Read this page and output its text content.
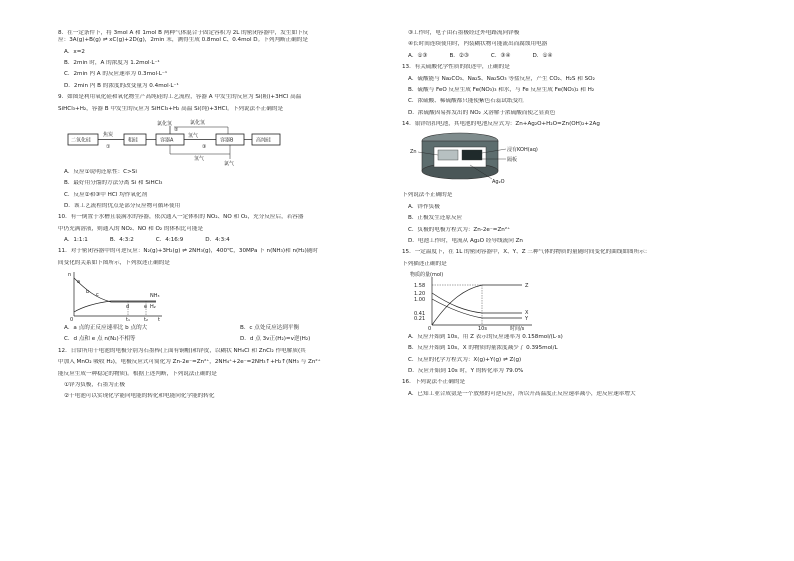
8．在一定条件下，将 3mol A 和 1mol B 两种气体混合于固定容积为 2L 的密闭容器中，发生如下反

应：3A(g)+B(g) ⇌ xC(g)+2D(g)，2min 末，测得生成 0.8mol C、0.4mol D。下列判断正确的是

A．x=2

B．2min 时，A 的浓度为 1.2mol·L⁻¹

C．2min 内 A 的反应速率为 0.3mol·L⁻¹

D．2min 内 B 的浓度的改变量为 0.4mol·L⁻¹

9．如图是利用氧化硅和氧化物生产高纯硅的工艺流程，容器 A 中发生的反应为 Si(粗)+3HCl 高温

SiHCl₃+H₂，容器 B 中发生的反应为 SiHCl₃+H₂ 高温 Si(纯)+3HCl。下列说法不正确的是

二氧化硅
焦炭
①
粗硅	容器A
氯化氢
②
氯化氢
氢气
③
容器B
氢气
氯气
高纯硅

A．反应①说明还原性：C>Si

B．最好用分馏的方法分离 Si 和 SiHCl₃

C．反应②和③中 HCl 均作氧化剂

D．该工艺流程的优点是部分反应物可循环使用

10．有一倒置于水槽且装满水的容器，依次通入一定体积的 NO₂、NO 和 O₂，充分反应后，若容器

中仍充满溶液，则通入的 NO₂、NO 和 O₂ 的体积比可能是

A．1:1:1	B．4:3:2	C．4:16:9	D．4:3:4

11．对于密闭容器中的可逆反应：N₂(g)+3H₂(g) ⇌ 2NH₃(g)，400℃，30MPa 下 n(NH₃)和 n(H₂)随时

间变化的关系如下图所示，下列叙述正确的是

n
0
a
b c
d	e
NH₃
H₂
t₁	t₂ t
A．a 点的正反应速率比 b 点的大	B．c 点处反应达到平衡
C．d 点和 e 点 n(N₂)不相等	D．d 点 3v正(H₂)=v逆(H₂)

12．日常所用干电池的电极分别为石墨棒(上面有铜帽)和锌皮，以糊状 NH₄Cl 和 ZnCl₂ 作电解质(其

中加入 MnO₂ 吸收 H₂)，电极反应式可简化为 Zn-2e⁻=Zn²⁺，2NH₄⁺+2e⁻=2NH₃↑+H₂↑(NH₃ 与 Zn²⁺

能反应生成一种稳定的物质)。根据上述判断，下列说法正确的是

①锌为负极，石墨为正极

②干电池可以实现化学能向电能的转化和电能向化学能的转化

③工作时，电子由石墨极经过外电路流向锌极

④长时间连续使用时，内装糊状物可能流出而腐蚀用电器

A．①③	B．②③	C．③④	D．①④

13．有关硫酸化学性质的叙述中，正确的是

A．硫酸能与 Na₂CO₃、Na₂S、Na₂SO₃ 等盐反应，产生 CO₂、H₂S 和 SO₂

B．硫酸与 FeO 反应生成 Fe(NO₃)₃ 和水，与 Fe 反应生成 Fe(NO₃)₂ 和 H₂

C．浓硫酸、稀硫酸都只能使紫色石蕊试纸变红

D．浓硫酸因易挥发出的 NO₂ 又溶解于浓硫酸而使之显黄色

14．银锌纽扣电池，其电池的电池反应式为：Zn+Ag₂O+H₂O=Zn(OH)₂+2Ag

Zn	浸有KOH(aq)
隔板
Ag₂O

下列说法不正确的是

A．锌作负极

B．正极发生还原反应

C．负极的电极方程式为：Zn-2e⁻=Zn²⁺

D．电池工作时，电流从 Ag₂O 经导线流向 Zn

15．一定温度下，在 1L 的密闭容器中，X、Y、Z 三种气体的物质的量随时间变化的曲线如图所示：

下列描述正确的是

物质的量(mol)
1.58
1.20
1.00
0.41
0.21
0
Z
X
Y
10s	时间/s

A．反应开始到 10s，用 Z 表示的反应速率为 0.158mol/(L·s)

B．反应开始到 10s，X 的物质的量浓度减少了 0.395mol/L

C．反应的化学方程式为：X(g)+Y(g) ⇌ Z(g)

D．反应开始到 10s 时，Y 的转化率为 79.0%

16．下列说法不正确的是

A．已知工业合成氨是一个放热的可逆反应，所以升高温度正反应速率减小，逆反应速率增大
